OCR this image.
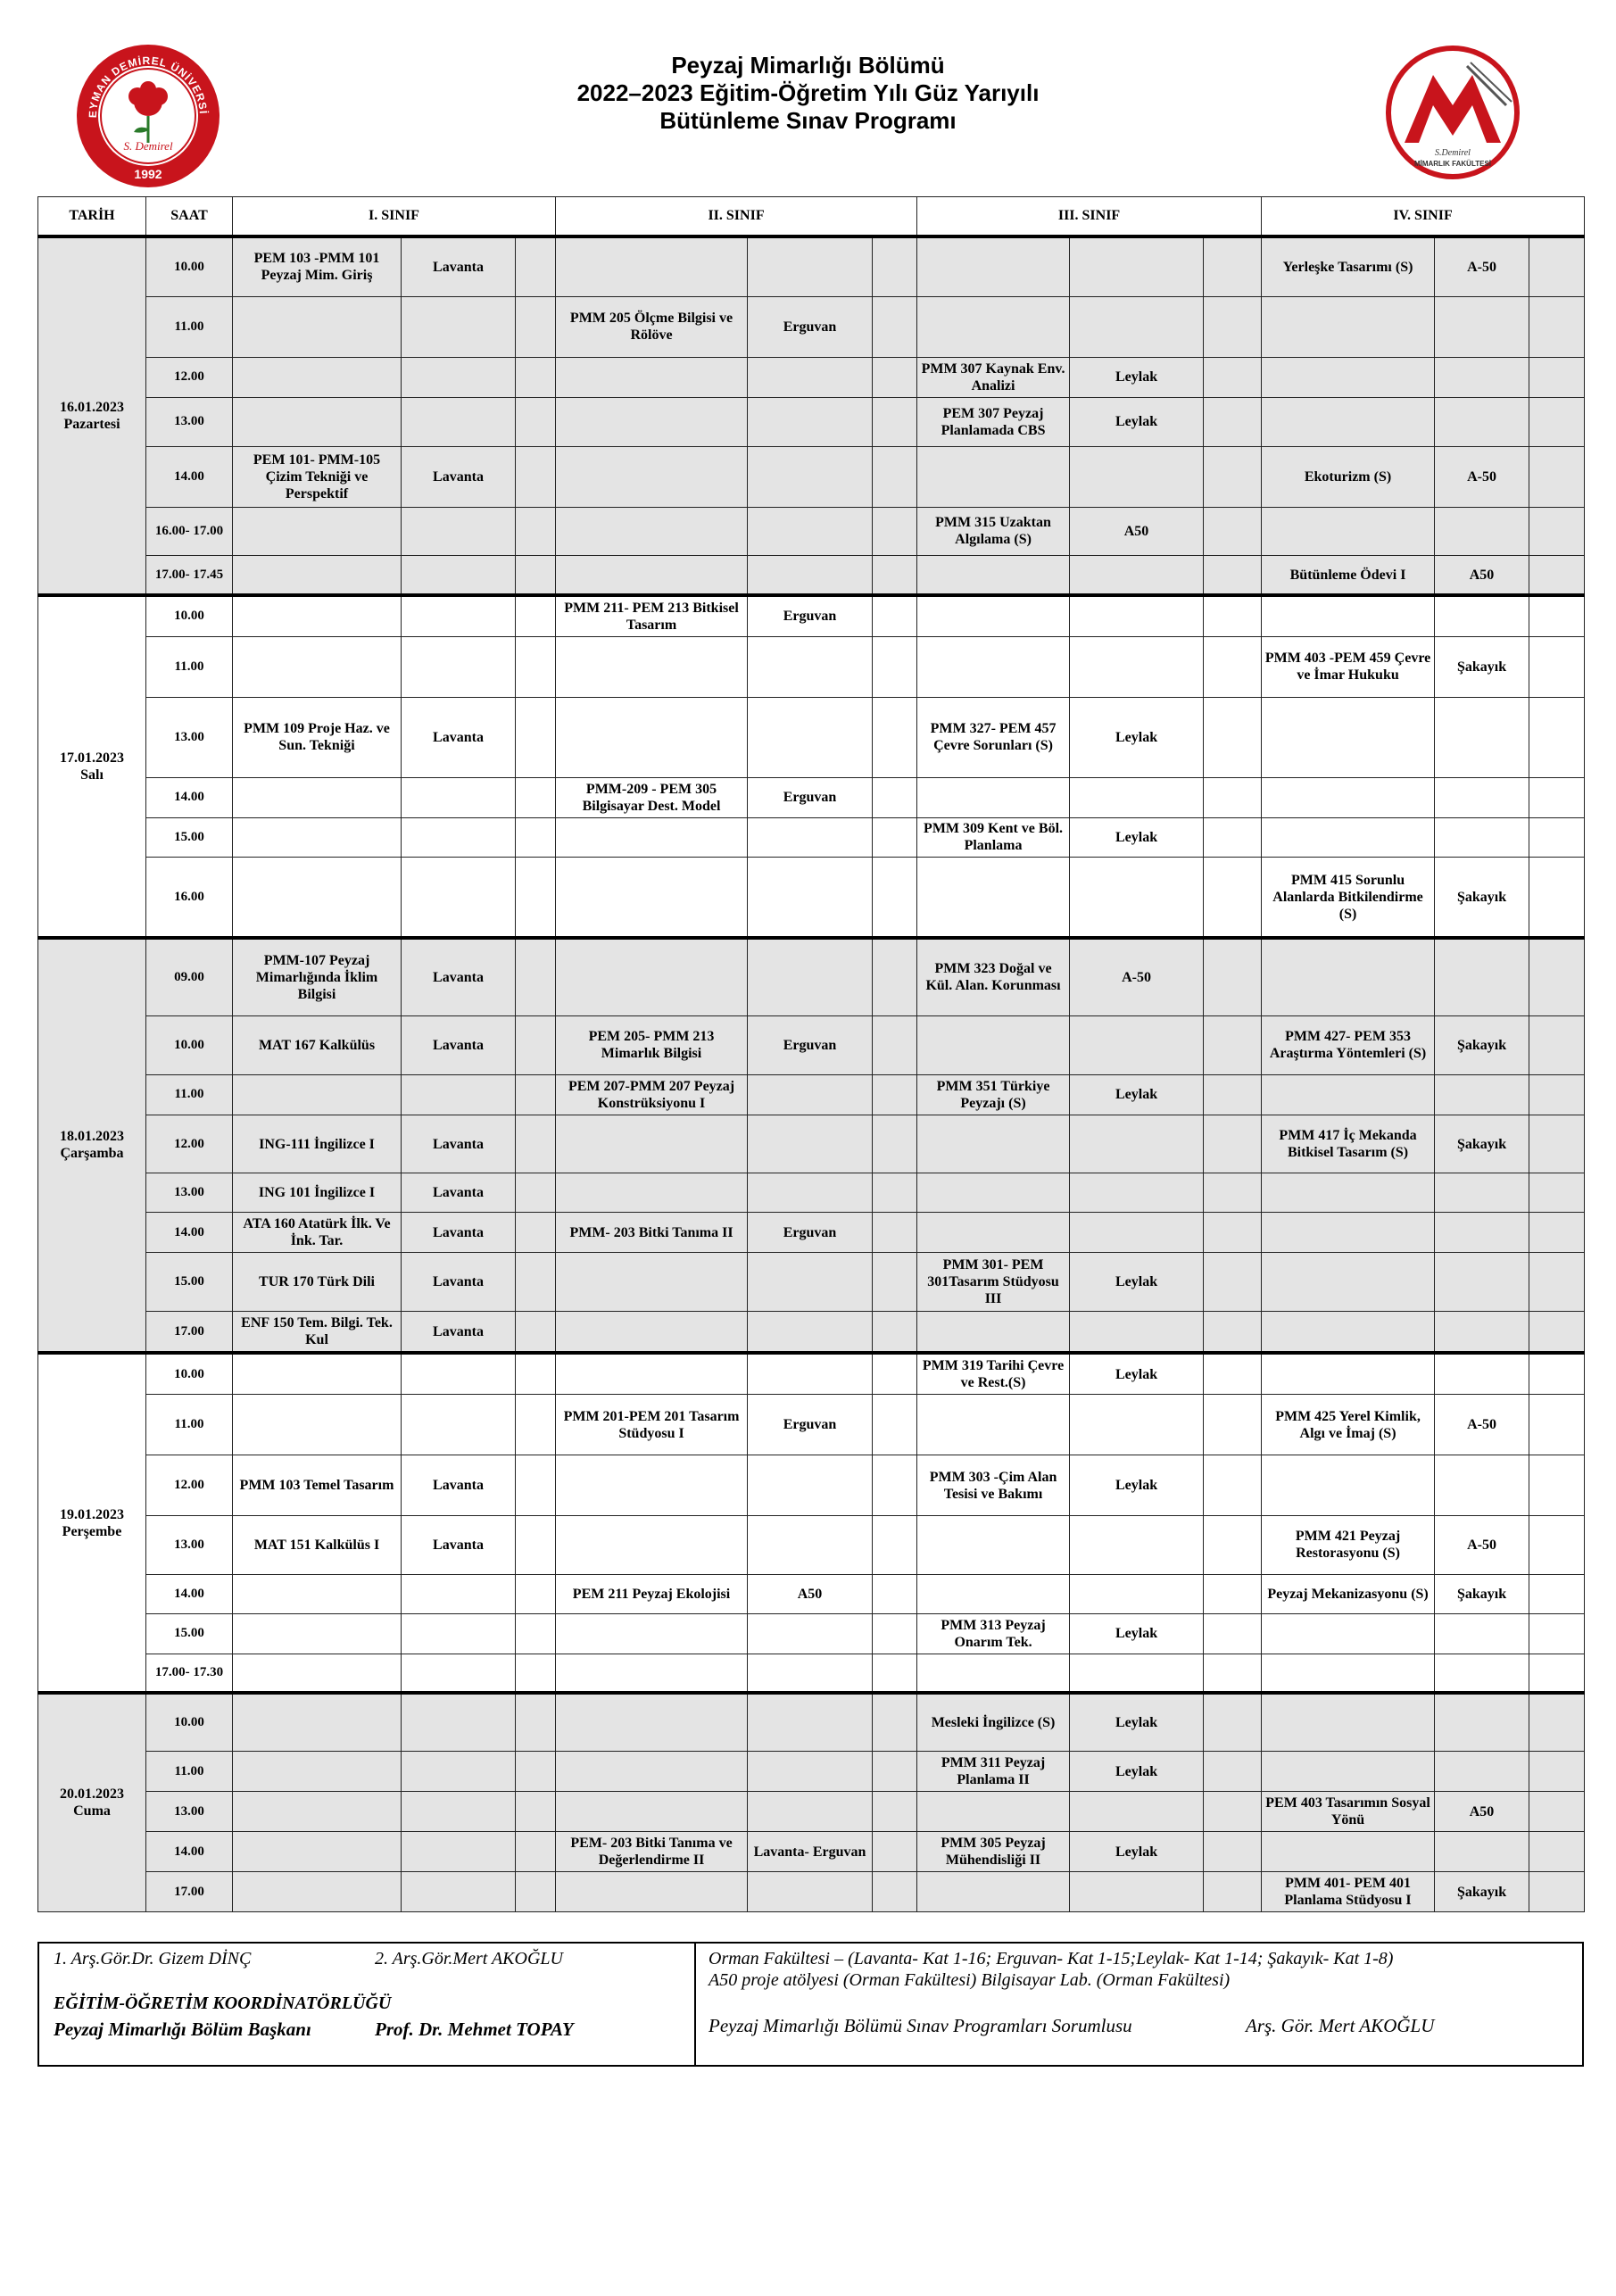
EYMAN DEMİREL ÜNİVERSİ
S. Demirel
1992
S.Demirel
MİMARLIK FAKÜLTESİ
Peyzaj Mimarlığı Bölümü
2022–2023 Eğitim-Öğretim Yılı Güz Yarıyılı
Bütünleme Sınav Programı
TARİH	SAAT	I. SINIF			II. SINIF			III. SINIF			IV. SINIF		

16.01.2023
Pazartesi	10.00	PEM 103 -PMM 101 Peyzaj Mim. Giriş	Lavanta								Yerleşke Tasarımı (S)	A-50	
	11.00				PMM 205 Ölçme Bilgisi ve Rölöve	Erguvan							
	12.00							PMM 307 Kaynak Env. Analizi	Leylak				
	13.00							PEM 307 Peyzaj Planlamada CBS	Leylak				
	14.00	PEM 101- PMM-105 Çizim Tekniği ve Perspektif	Lavanta								Ekoturizm (S)	A-50	
	16.00- 17.00							PMM 315 Uzaktan Algılama (S)	A50				
	17.00- 17.45										Bütünleme Ödevi I	A50	

17.01.2023
Salı	10.00				PMM 211- PEM 213 Bitkisel Tasarım	Erguvan							
	11.00										PMM 403 -PEM 459 Çevre ve İmar Hukuku	Şakayık	
	13.00	PMM 109 Proje Haz. ve Sun. Tekniği	Lavanta					PMM 327- PEM 457 Çevre Sorunları (S)	Leylak				
	14.00				PMM-209 - PEM 305 Bilgisayar Dest. Model	Erguvan							
	15.00							PMM 309 Kent ve Böl. Planlama	Leylak				
	16.00										PMM 415 Sorunlu Alanlarda Bitkilendirme (S)	Şakayık	

18.01.2023
Çarşamba	09.00	PMM-107 Peyzaj Mimarlığında İklim Bilgisi	Lavanta					PMM 323 Doğal ve Kül. Alan. Korunması	A-50				
	10.00	MAT 167 Kalkülüs	Lavanta		PEM 205- PMM 213 Mimarlık Bilgisi	Erguvan					PMM 427- PEM 353 Araştırma Yöntemleri (S)	Şakayık	
	11.00				PEM 207-PMM 207 Peyzaj Konstrüksiyonu I			PMM 351 Türkiye Peyzajı (S)	Leylak				
	12.00	ING-111 İngilizce I	Lavanta								PMM 417 İç Mekanda Bitkisel Tasarım (S)	Şakayık	
	13.00	ING 101 İngilizce I	Lavanta										
	14.00	ATA 160 Atatürk İlk. Ve İnk. Tar.	Lavanta		PMM- 203 Bitki Tanıma II	Erguvan							
	15.00	TUR 170 Türk Dili	Lavanta					PMM 301- PEM 301Tasarım Stüdyosu III	Leylak				
	17.00	ENF 150 Tem. Bilgi. Tek. Kul	Lavanta										

19.01.2023
Perşembe	10.00							PMM 319 Tarihi Çevre ve Rest.(S)	Leylak				
	11.00				PMM 201-PEM 201 Tasarım Stüdyosu I	Erguvan					PMM 425 Yerel Kimlik, Algı ve İmaj (S)	A-50	
	12.00	PMM 103 Temel Tasarım	Lavanta					PMM 303 -Çim Alan Tesisi ve Bakımı	Leylak				
	13.00	MAT 151 Kalkülüs I	Lavanta								PMM 421 Peyzaj Restorasyonu (S)	A-50	
	14.00				PEM 211 Peyzaj Ekolojisi	A50					Peyzaj Mekanizasyonu (S)	Şakayık	
	15.00							PMM 313 Peyzaj Onarım Tek.	Leylak				
	17.00- 17.30												

20.01.2023
Cuma	10.00							Mesleki İngilizce (S)	Leylak				
	11.00							PMM 311 Peyzaj Planlama II	Leylak				
	13.00										PEM 403 Tasarımın Sosyal Yönü	A50	
	14.00				PEM- 203 Bitki Tanıma ve Değerlendirme II	Lavanta- Erguvan		PMM 305 Peyzaj Mühendisliği II	Leylak				
	17.00										PMM 401- PEM 401 Planlama Stüdyosu I	Şakayık	
1. Arş.Gör.Dr. Gizem DİNÇ	2. Arş.Gör.Mert AKOĞLU
EĞİTİM-ÖĞRETİM KOORDİNATÖRLÜĞÜ
Peyzaj Mimarlığı Bölüm Başkanı	Prof. Dr. Mehmet TOPAY
Orman Fakültesi – (Lavanta- Kat 1-16; Erguvan- Kat 1-15;Leylak- Kat 1-14; Şakayık- Kat 1-8)
A50 proje atölyesi (Orman Fakültesi) Bilgisayar Lab. (Orman Fakültesi)
Peyzaj Mimarlığı Bölümü Sınav Programları Sorumlusu	Arş. Gör. Mert AKOĞLU
